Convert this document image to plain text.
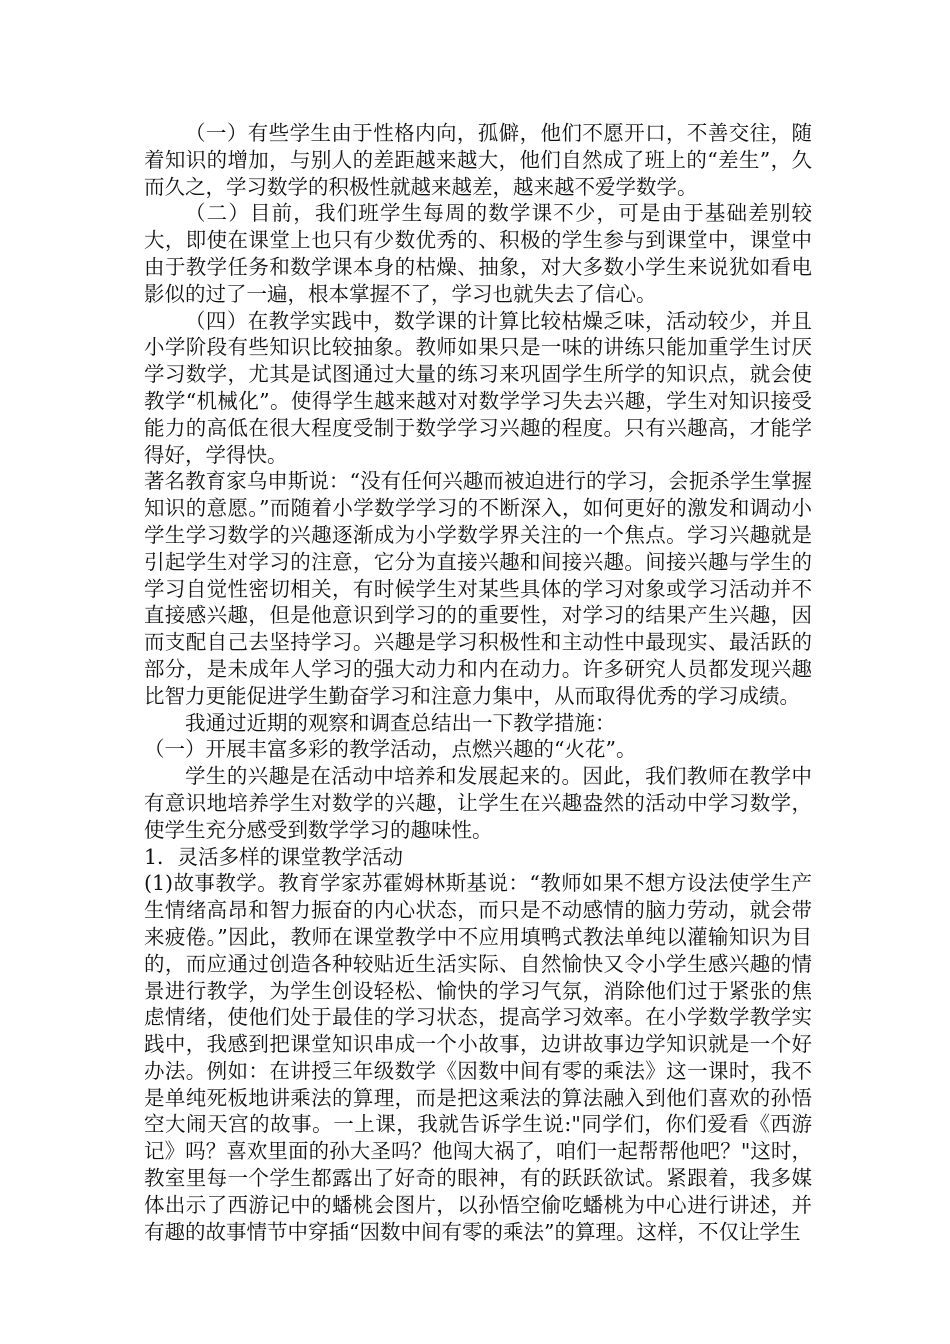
（一）有些学生由于性格内向，孤僻，他们不愿开口，不善交往，随着知识的增加，与别人的差距越来越大，他们自然成了班上的“差生”，久而久之，学习数学的积极性就越来越差，越来越不爱学数学。

（二）目前，我们班学生每周的数学课不少，可是由于基础差别较大，即使在课堂上也只有少数优秀的、积极的学生参与到课堂中，课堂中由于教学任务和数学课本身的枯燥、抽象，对大多数小学生来说犹如看电影似的过了一遍，根本掌握不了，学习也就失去了信心。

（四）在教学实践中，数学课的计算比较枯燥乏味，活动较少，并且小学阶段有些知识比较抽象。教师如果只是一味的讲练只能加重学生讨厌学习数学，尤其是试图通过大量的练习来巩固学生所学的知识点，就会使教学“机械化”。使得学生越来越对对数学学习失去兴趣，学生对知识接受能力的高低在很大程度受制于数学学习兴趣的程度。只有兴趣高，才能学得好，学得快。

著名教育家乌申斯说：“没有任何兴趣而被迫进行的学习，会扼杀学生掌握知识的意愿。”而随着小学数学学习的不断深入，如何更好的激发和调动小学生学习数学的兴趣逐渐成为小学数学界关注的一个焦点。学习兴趣就是引起学生对学习的注意，它分为直接兴趣和间接兴趣。间接兴趣与学生的学习自觉性密切相关，有时候学生对某些具体的学习对象或学习活动并不直接感兴趣，但是他意识到学习的的重要性，对学习的结果产生兴趣，因而支配自己去坚持学习。兴趣是学习积极性和主动性中最现实、最活跃的部分，是未成年人学习的强大动力和内在动力。许多研究人员都发现兴趣比智力更能促进学生勤奋学习和注意力集中，从而取得优秀的学习成绩。

我通过近期的观察和调查总结出一下教学措施：

（一）开展丰富多彩的教学活动，点燃兴趣的“火花”。

学生的兴趣是在活动中培养和发展起来的。因此，我们教师在教学中有意识地培养学生对数学的兴趣，让学生在兴趣盎然的活动中学习数学，使学生充分感受到数学学习的趣味性。

1．灵活多样的课堂教学活动

(1)故事教学。教育学家苏霍姆林斯基说：“教师如果不想方设法使学生产生情绪高昂和智力振奋的内心状态，而只是不动感情的脑力劳动，就会带来疲倦。”因此，教师在课堂教学中不应用填鸭式教法单纯以灌输知识为目的，而应通过创造各种较贴近生活实际、自然愉快又令小学生感兴趣的情景进行教学，为学生创设轻松、愉快的学习气氛，消除他们过于紧张的焦虑情绪，使他们处于最佳的学习状态，提高学习效率。在小学数学教学实践中，我感到把课堂知识串成一个小故事，边讲故事边学知识就是一个好办法。例如：在讲授三年级数学《因数中间有零的乘法》这一课时，我不是单纯死板地讲乘法的算理，而是把这乘法的算法融入到他们喜欢的孙悟空大闹天宫的故事。一上课，我就告诉学生说:"同学们，你们爱看《西游记》吗？喜欢里面的孙大圣吗？他闯大祸了，咱们一起帮帮他吧？"这时，教室里每一个学生都露出了好奇的眼神，有的跃跃欲试。紧跟着，我多媒体出示了西游记中的蟠桃会图片，以孙悟空偷吃蟠桃为中心进行讲述，并有趣的故事情节中穿插“因数中间有零的乘法”的算理。这样，不仅让学生
